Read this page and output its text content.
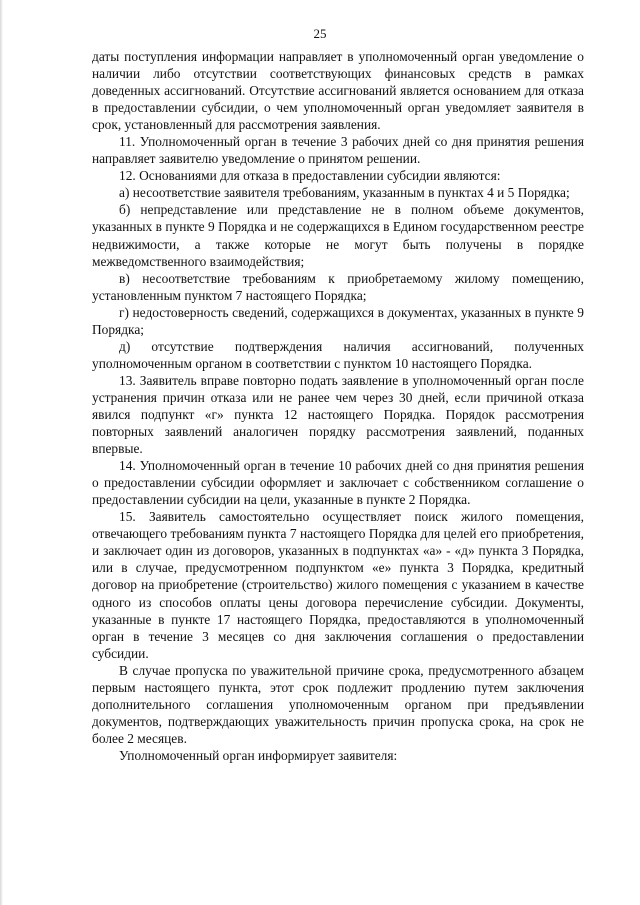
25

даты поступления информации направляет в уполномоченный орган уведомление о наличии либо отсутствии соответствующих финансовых средств в рамках доведенных ассигнований. Отсутствие ассигнований является основанием для отказа в предоставлении субсидии, о чем уполномоченный орган уведомляет заявителя в срок, установленный для рассмотрения заявления.

11. Уполномоченный орган в течение 3 рабочих дней со дня принятия решения направляет заявителю уведомление о принятом решении.

12. Основаниями для отказа в предоставлении субсидии являются:

а) несоответствие заявителя требованиям, указанным в пунктах 4 и 5 Порядка;

б) непредставление или представление не в полном объеме документов, указанных в пункте 9 Порядка и не содержащихся в Едином государственном реестре недвижимости, а также которые не могут быть получены в порядке межведомственного взаимодействия;

в) несоответствие требованиям к приобретаемому жилому помещению, установленным пунктом 7 настоящего Порядка;

г) недостоверность сведений, содержащихся в документах, указанных в пункте 9 Порядка;

д) отсутствие подтверждения наличия ассигнований, полученных уполномоченным органом в соответствии с пунктом 10 настоящего Порядка.

13. Заявитель вправе повторно подать заявление в уполномоченный орган после устранения причин отказа или не ранее чем через 30 дней, если причиной отказа явился подпункт «г» пункта 12 настоящего Порядка. Порядок рассмотрения повторных заявлений аналогичен порядку рассмотрения заявлений, поданных впервые.

14. Уполномоченный орган в течение 10 рабочих дней со дня принятия решения о предоставлении субсидии оформляет и заключает с собственником соглашение о предоставлении субсидии на цели, указанные в пункте 2 Порядка.

15. Заявитель самостоятельно осуществляет поиск жилого помещения, отвечающего требованиям пункта 7 настоящего Порядка для целей его приобретения, и заключает один из договоров, указанных в подпунктах «а» - «д» пункта 3 Порядка, или в случае, предусмотренном подпунктом «е» пункта 3 Порядка, кредитный договор на приобретение (строительство) жилого помещения с указанием в качестве одного из способов оплаты цены договора перечисление субсидии. Документы, указанные в пункте 17 настоящего Порядка, предоставляются в уполномоченный орган в течение 3 месяцев со дня заключения соглашения о предоставлении субсидии.

В случае пропуска по уважительной причине срока, предусмотренного абзацем первым настоящего пункта, этот срок подлежит продлению путем заключения дополнительного соглашения уполномоченным органом при предъявлении документов, подтверждающих уважительность причин пропуска срока, на срок не более 2 месяцев.

Уполномоченный орган информирует заявителя:
